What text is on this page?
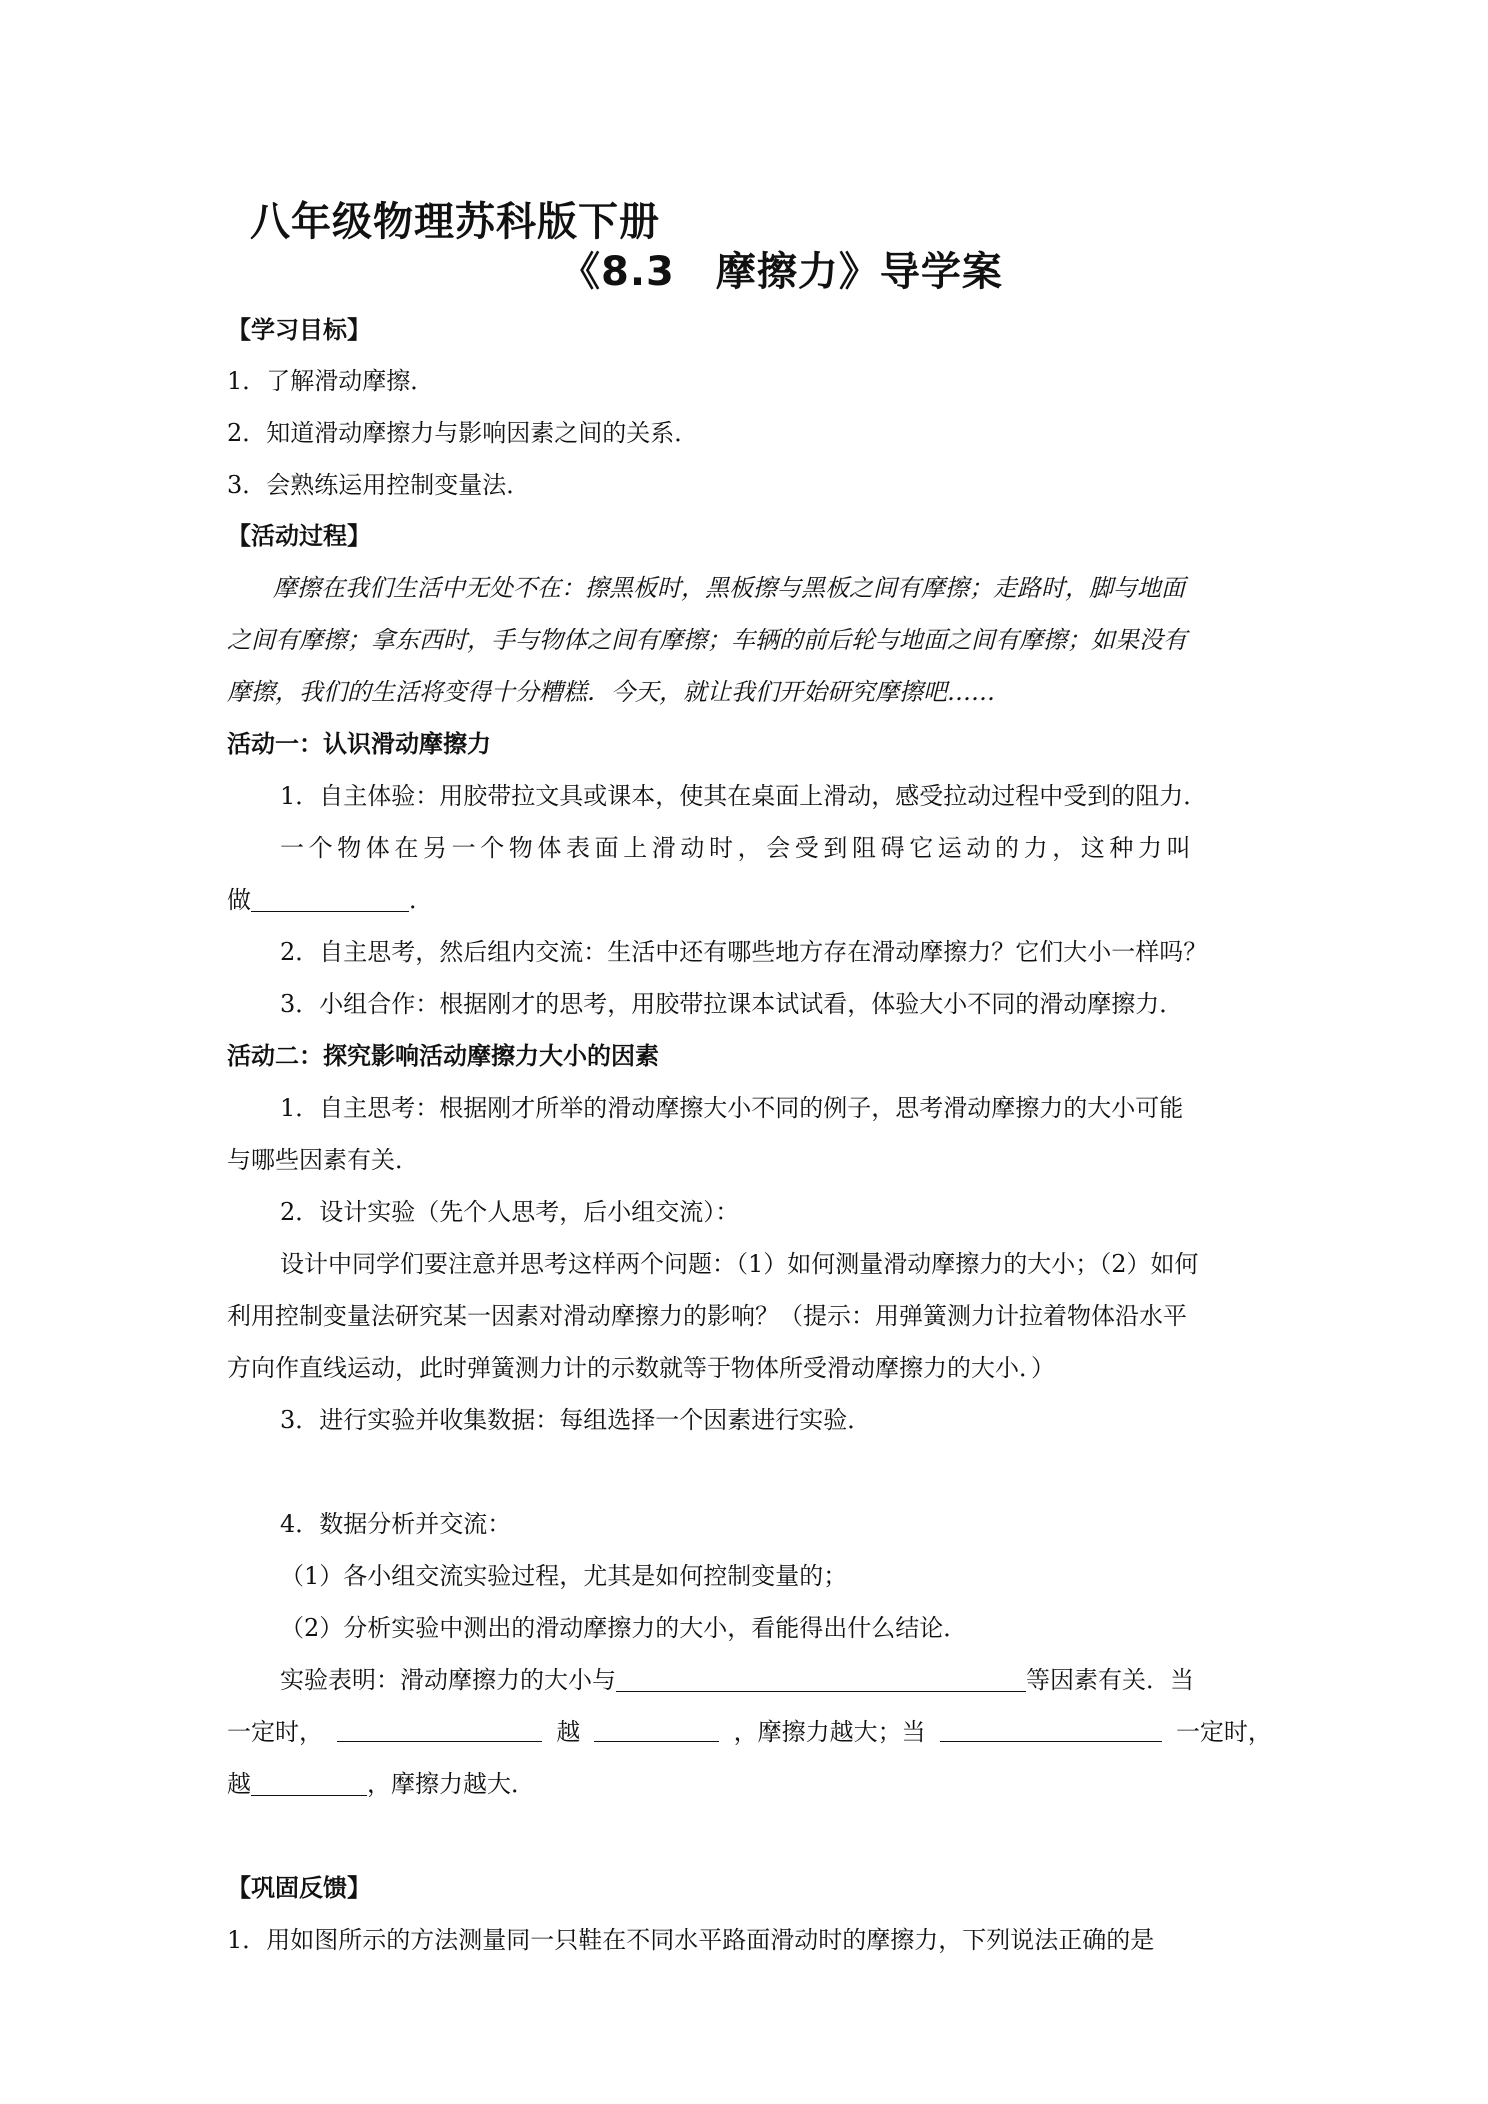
八年级物理苏科版下册
《8.3　摩擦力》导学案
【学习目标】
1．了解滑动摩擦．
2．知道滑动摩擦力与影响因素之间的关系．
3．会熟练运用控制变量法．
【活动过程】
摩擦在我们生活中无处不在：擦黑板时，黑板擦与黑板之间有摩擦；走路时，脚与地面
之间有摩擦；拿东西时，手与物体之间有摩擦；车辆的前后轮与地面之间有摩擦；如果没有
摩擦，我们的生活将变得十分糟糕．今天，就让我们开始研究摩擦吧……
活动一：认识滑动摩擦力
1．自主体验：用胶带拉文具或课本，使其在桌面上滑动，感受拉动过程中受到的阻力．
一个物体在另一个物体表面上滑动时，会受到阻碍它运动的力，这种力叫
做	．
2．自主思考，然后组内交流：生活中还有哪些地方存在滑动摩擦力？它们大小一样吗？
3．小组合作：根据刚才的思考，用胶带拉课本试试看，体验大小不同的滑动摩擦力．
活动二：探究影响活动摩擦力大小的因素
1．自主思考：根据刚才所举的滑动摩擦大小不同的例子，思考滑动摩擦力的大小可能
与哪些因素有关．
2．设计实验（先个人思考，后小组交流）：
设计中同学们要注意并思考这样两个问题：（1）如何测量滑动摩擦力的大小；（2）如何
利用控制变量法研究某一因素对滑动摩擦力的影响？（提示：用弹簧测力计拉着物体沿水平
方向作直线运动，此时弹簧测力计的示数就等于物体所受滑动摩擦力的大小．）
3．进行实验并收集数据：每组选择一个因素进行实验．
4．数据分析并交流：
（1）各小组交流实验过程，尤其是如何控制变量的；
（2）分析实验中测出的滑动摩擦力的大小，看能得出什么结论．
实验表明：滑动摩擦力的大小与	等因素有关．当
一定时，	越	，摩擦力越大；当	一定时，
越	，摩擦力越大．
【巩固反馈】
1．用如图所示的方法测量同一只鞋在不同水平路面滑动时的摩擦力，下列说法正确的是
